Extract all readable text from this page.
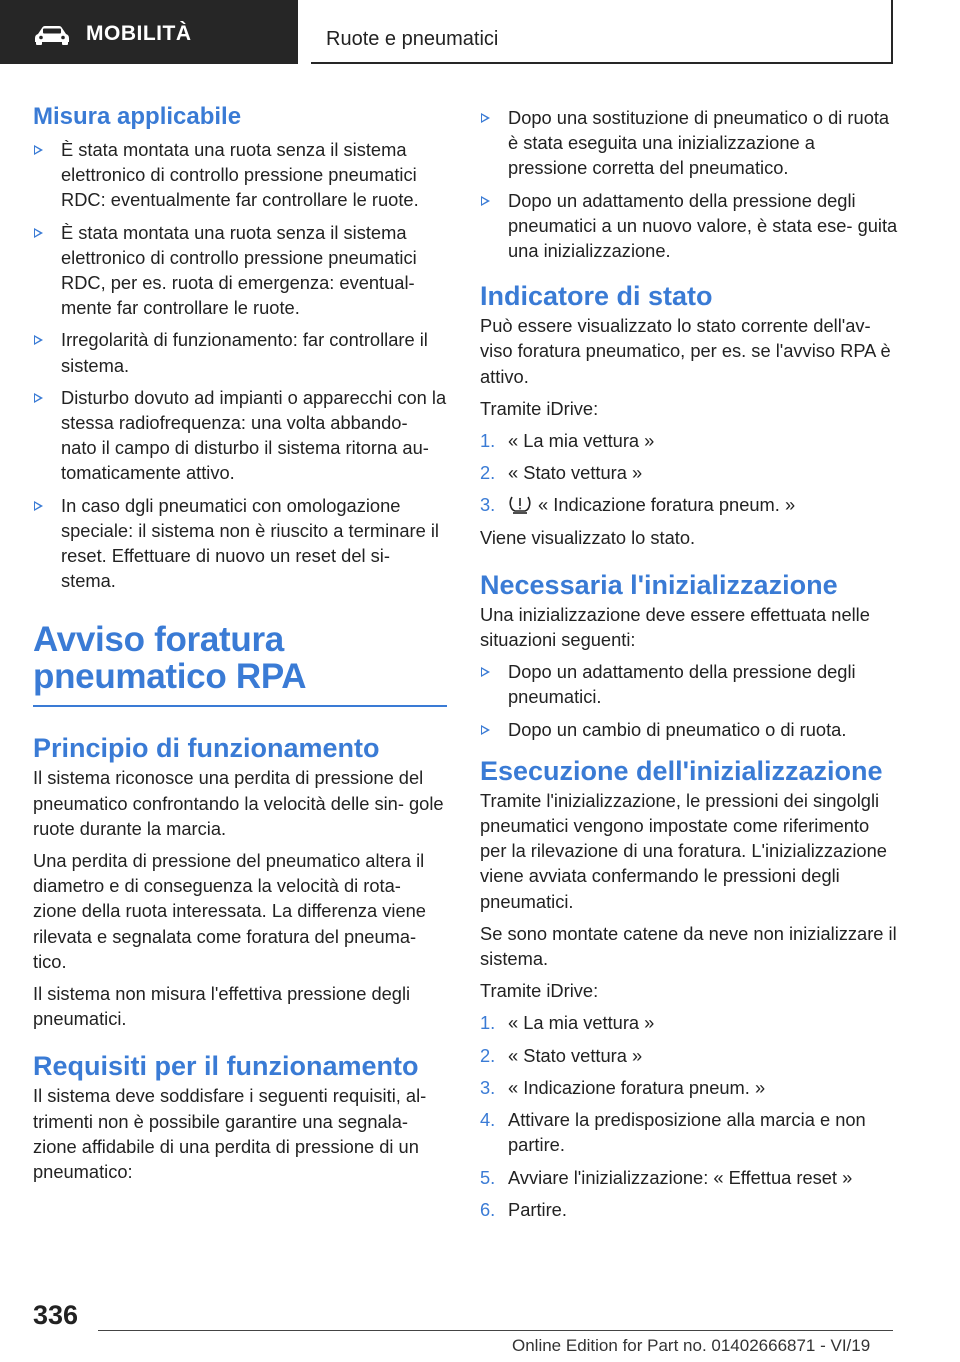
MOBILITÀ	Ruote e pneumatici
Misura applicabile
È stata montata una ruota senza il sistema elettronico di controllo pressione pneumatici RDC: eventualmente far controllare le ruote.
È stata montata una ruota senza il sistema elettronico di controllo pressione pneumatici RDC, per es. ruota di emergenza: eventual- mente far controllare le ruote.
Irregolarità di funzionamento: far controllare il sistema.
Disturbo dovuto ad impianti o apparecchi con la stessa radiofrequenza: una volta abbando- nato il campo di disturbo il sistema ritorna au- tomaticamente attivo.
In caso dgli pneumatici con omologazione speciale: il sistema non è riuscito a terminare il reset. Effettuare di nuovo un reset del si- stema.
Avviso foratura pneumatico RPA
Principio di funzionamento

Il sistema riconosce una perdita di pressione del pneumatico confrontando la velocità delle sin- gole ruote durante la marcia.

Una perdita di pressione del pneumatico altera il diametro e di conseguenza la velocità di rota- zione della ruota interessata. La differenza viene rilevata e segnalata come foratura del pneuma- tico.

Il sistema non misura l'effettiva pressione degli pneumatici.

Requisiti per il funzionamento

Il sistema deve soddisfare i seguenti requisiti, al- trimenti non è possibile garantire una segnala- zione affidabile di una perdita di pressione di un pneumatico:

Dopo una sostituzione di pneumatico o di ruota è stata eseguita una inizializzazione a pressione corretta del pneumatico.
Dopo un adattamento della pressione degli pneumatici a un nuovo valore, è stata ese- guita una inizializzazione.
Indicatore di stato

Può essere visualizzato lo stato corrente dell'av- viso foratura pneumatico, per es. se l'avviso RPA è attivo.

Tramite iDrive:

1. « La mia vettura »
2. « Stato vettura »
3. « Indicazione foratura pneum. »

Viene visualizzato lo stato.

Necessaria l'inizializzazione

Una inizializzazione deve essere effettuata nelle situazioni seguenti:

Dopo un adattamento della pressione degli pneumatici.
Dopo un cambio di pneumatico o di ruota.
Esecuzione dell'inizializzazione

Tramite l'inizializzazione, le pressioni dei singolgli pneumatici vengono impostate come riferimento per la rilevazione di una foratura. L'inizializzazione viene avviata confermando le pressioni degli pneumatici.

Se sono montate catene da neve non inizializzare il sistema.

Tramite iDrive:

1. « La mia vettura »
2. « Stato vettura »
3. « Indicazione foratura pneum. »
4. Attivare la predisposizione alla marcia e non partire.
5. Avviare l'inizializzazione: « Effettua reset »
6. Partire.
336
Online Edition for Part no. 01402666871 - VI/19
